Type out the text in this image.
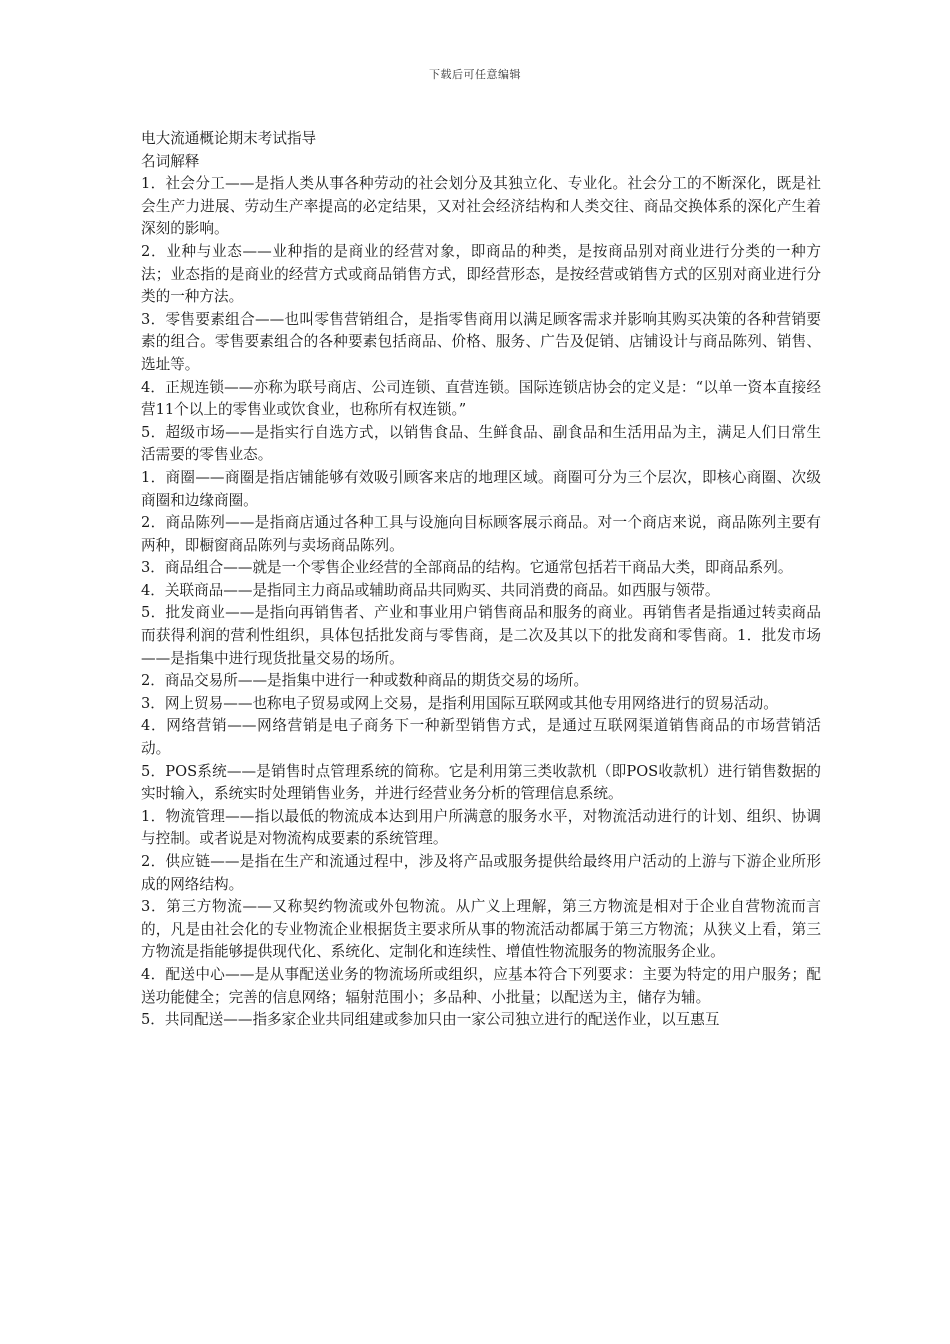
下载后可任意编辑

电大流通概论期末考试指导

名词解释

1．社会分工——是指人类从事各种劳动的社会划分及其独立化、专业化。社会分工的不断深化，既是社会生产力进展、劳动生产率提高的必定结果，又对社会经济结构和人类交往、商品交换体系的深化产生着深刻的影响。

2．业种与业态——业种指的是商业的经营对象，即商品的种类，是按商品别对商业进行分类的一种方法；业态指的是商业的经营方式或商品销售方式，即经营形态，是按经营或销售方式的区别对商业进行分类的一种方法。

3．零售要素组合——也叫零售营销组合，是指零售商用以满足顾客需求并影响其购买决策的各种营销要素的组合。零售要素组合的各种要素包括商品、价格、服务、广告及促销、店铺设计与商品陈列、销售、选址等。

4．正规连锁——亦称为联号商店、公司连锁、直营连锁。国际连锁店协会的定义是：“以单一资本直接经营11个以上的零售业或饮食业，也称所有权连锁。”

5．超级市场——是指实行自选方式，以销售食品、生鲜食品、副食品和生活用品为主，满足人们日常生活需要的零售业态。

1．商圈——商圈是指店铺能够有效吸引顾客来店的地理区域。商圈可分为三个层次，即核心商圈、次级商圈和边缘商圈。

2．商品陈列——是指商店通过各种工具与设施向目标顾客展示商品。对一个商店来说，商品陈列主要有两种，即橱窗商品陈列与卖场商品陈列。

3．商品组合——就是一个零售企业经营的全部商品的结构。它通常包括若干商品大类，即商品系列。

4．关联商品——是指同主力商品或辅助商品共同购买、共同消费的商品。如西服与领带。

5．批发商业——是指向再销售者、产业和事业用户销售商品和服务的商业。再销售者是指通过转卖商品而获得利润的营利性组织，具体包括批发商与零售商，是二次及其以下的批发商和零售商。1．批发市场——是指集中进行现货批量交易的场所。

2．商品交易所——是指集中进行一种或数种商品的期货交易的场所。

3．网上贸易——也称电子贸易或网上交易，是指利用国际互联网或其他专用网络进行的贸易活动。

4．网络营销——网络营销是电子商务下一种新型销售方式，是通过互联网渠道销售商品的市场营销活动。

5．POS系统——是销售时点管理系统的简称。它是利用第三类收款机（即POS收款机）进行销售数据的实时输入，系统实时处理销售业务，并进行经营业务分析的管理信息系统。

1．物流管理——指以最低的物流成本达到用户所满意的服务水平，对物流活动进行的计划、组织、协调与控制。或者说是对物流构成要素的系统管理。

2．供应链——是指在生产和流通过程中，涉及将产品或服务提供给最终用户活动的上游与下游企业所形成的网络结构。

3．第三方物流——又称契约物流或外包物流。从广义上理解，第三方物流是相对于企业自营物流而言的，凡是由社会化的专业物流企业根据货主要求所从事的物流活动都属于第三方物流；从狭义上看，第三方物流是指能够提供现代化、系统化、定制化和连续性、增值性物流服务的物流服务企业。

4．配送中心——是从事配送业务的物流场所或组织，应基本符合下列要求：主要为特定的用户服务；配送功能健全；完善的信息网络；辐射范围小；多品种、小批量；以配送为主，储存为辅。

5．共同配送——指多家企业共同组建或参加只由一家公司独立进行的配送作业，以互惠互
